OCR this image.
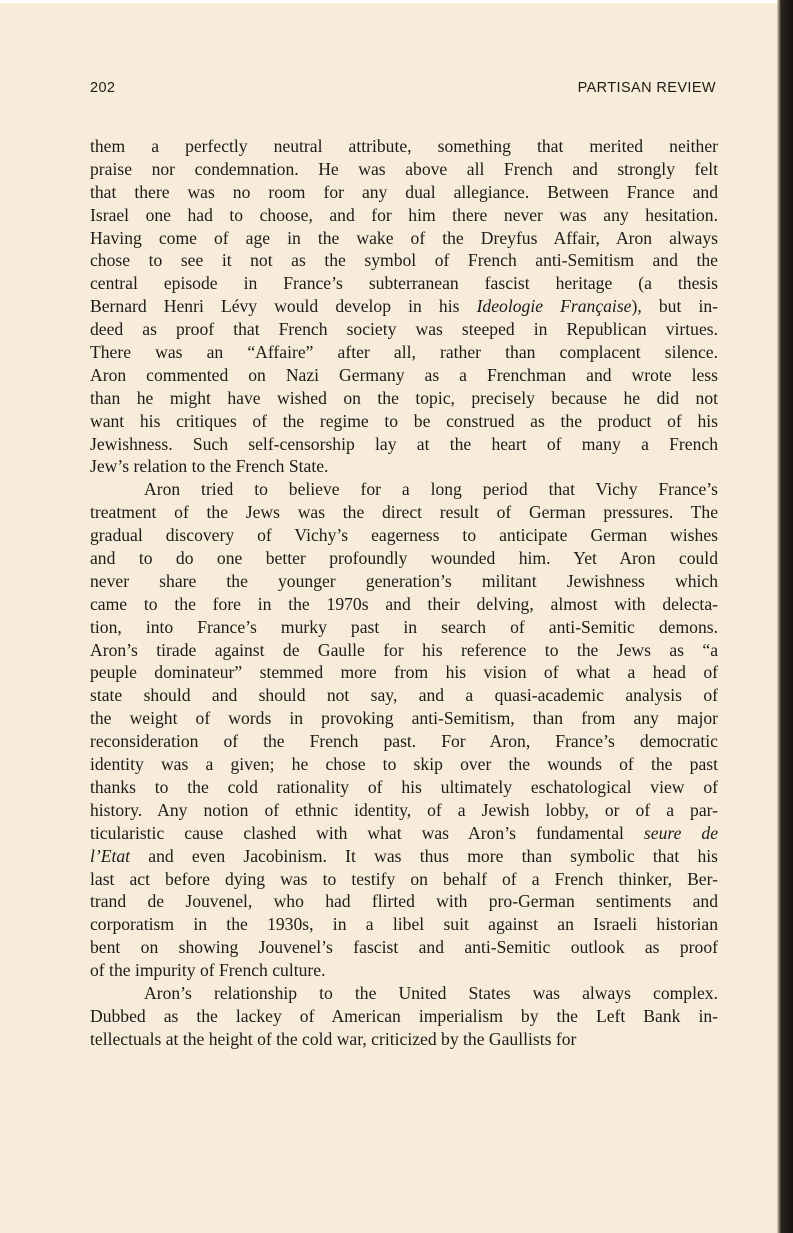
202	PARTISAN REVIEW
them a perfectly neutral attribute, something that merited neither
praise nor condemnation. He was above all French and strongly felt
that there was no room for any dual allegiance. Between France and
Israel one had to choose, and for him there never was any hesitation.
Having come of age in the wake of the Dreyfus Affair, Aron always
chose to see it not as the symbol of French anti-Semitism and the
central episode in France’s subterranean fascist heritage (a thesis
Bernard Henri Lévy would develop in his Ideologie Française), but in-
deed as proof that French society was steeped in Republican virtues.
There was an “Affaire” after all, rather than complacent silence.
Aron commented on Nazi Germany as a Frenchman and wrote less
than he might have wished on the topic, precisely because he did not
want his critiques of the regime to be construed as the product of his
Jewishness. Such self-censorship lay at the heart of many a French
Jew’s relation to the French State.
Aron tried to believe for a long period that Vichy France’s
treatment of the Jews was the direct result of German pressures. The
gradual discovery of Vichy’s eagerness to anticipate German wishes
and to do one better profoundly wounded him. Yet Aron could
never share the younger generation’s militant Jewishness which
came to the fore in the 1970s and their delving, almost with delecta-
tion, into France’s murky past in search of anti-Semitic demons.
Aron’s tirade against de Gaulle for his reference to the Jews as “a
peuple dominateur” stemmed more from his vision of what a head of
state should and should not say, and a quasi-academic analysis of
the weight of words in provoking anti-Semitism, than from any major
reconsideration of the French past. For Aron, France’s democratic
identity was a given; he chose to skip over the wounds of the past
thanks to the cold rationality of his ultimately eschatological view of
history. Any notion of ethnic identity, of a Jewish lobby, or of a par-
ticularistic cause clashed with what was Aron’s fundamental seure de
l’Etat and even Jacobinism. It was thus more than symbolic that his
last act before dying was to testify on behalf of a French thinker, Ber-
trand de Jouvenel, who had flirted with pro-German sentiments and
corporatism in the 1930s, in a libel suit against an Israeli historian
bent on showing Jouvenel’s fascist and anti-Semitic outlook as proof
of the impurity of French culture.
Aron’s relationship to the United States was always complex.
Dubbed as the lackey of American imperialism by the Left Bank in-
tellectuals at the height of the cold war, criticized by the Gaullists for
